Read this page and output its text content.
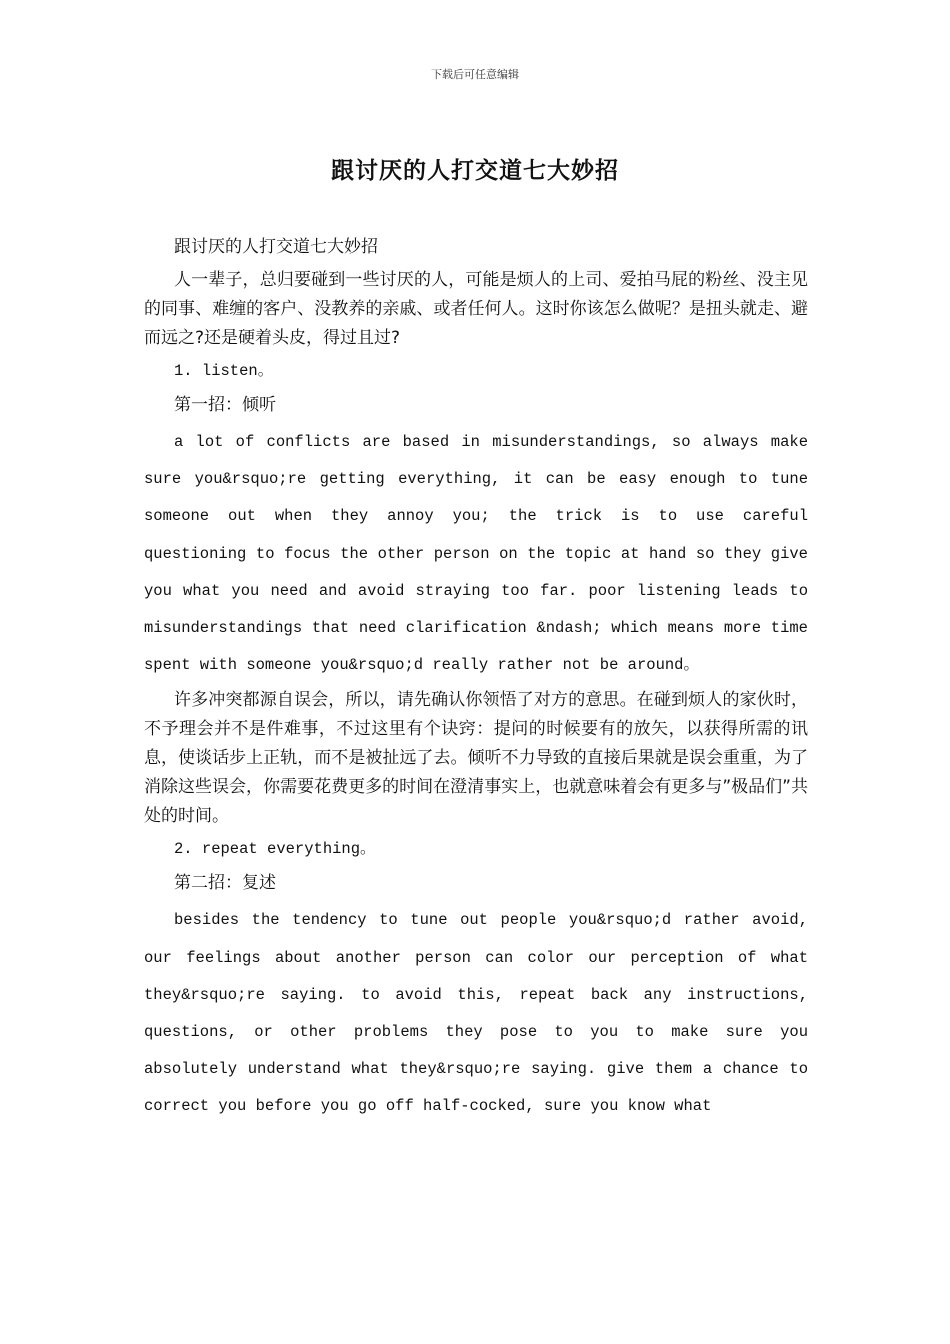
下载后可任意编辑
跟讨厌的人打交道七大妙招

跟讨厌的人打交道七大妙招

人一辈子，总归要碰到一些讨厌的人，可能是烦人的上司、爱拍马屁的粉丝、没主见的同事、难缠的客户、没教养的亲戚、或者任何人。这时你该怎么做呢？是扭头就走、避而远之?还是硬着头皮，得过且过?

1. listen。

第一招：倾听

a lot of conflicts are based in misunderstandings, so always make sure you&rsquo;re getting everything, it can be easy enough to tune someone out when they annoy you; the trick is to use careful questioning to focus the other person on the topic at hand so they give you what you need and avoid straying too far. poor listening leads to misunderstandings that need clarification &ndash; which means more time spent with someone you&rsquo;d really rather not be around。

许多冲突都源自误会，所以，请先确认你领悟了对方的意思。在碰到烦人的家伙时，不予理会并不是件难事，不过这里有个诀窍：提问的时候要有的放矢，以获得所需的讯息，使谈话步上正轨，而不是被扯远了去。倾听不力导致的直接后果就是误会重重，为了消除这些误会，你需要花费更多的时间在澄清事实上，也就意味着会有更多与”极品们”共处的时间。

2. repeat everything。

第二招：复述

besides the tendency to tune out people you&rsquo;d rather avoid, our feelings about another person can color our perception of what they&rsquo;re saying. to avoid this, repeat back any instructions, questions, or other problems they pose to you to make sure you absolutely understand what they&rsquo;re saying. give them a chance to correct you before you go off half-cocked, sure you know what
